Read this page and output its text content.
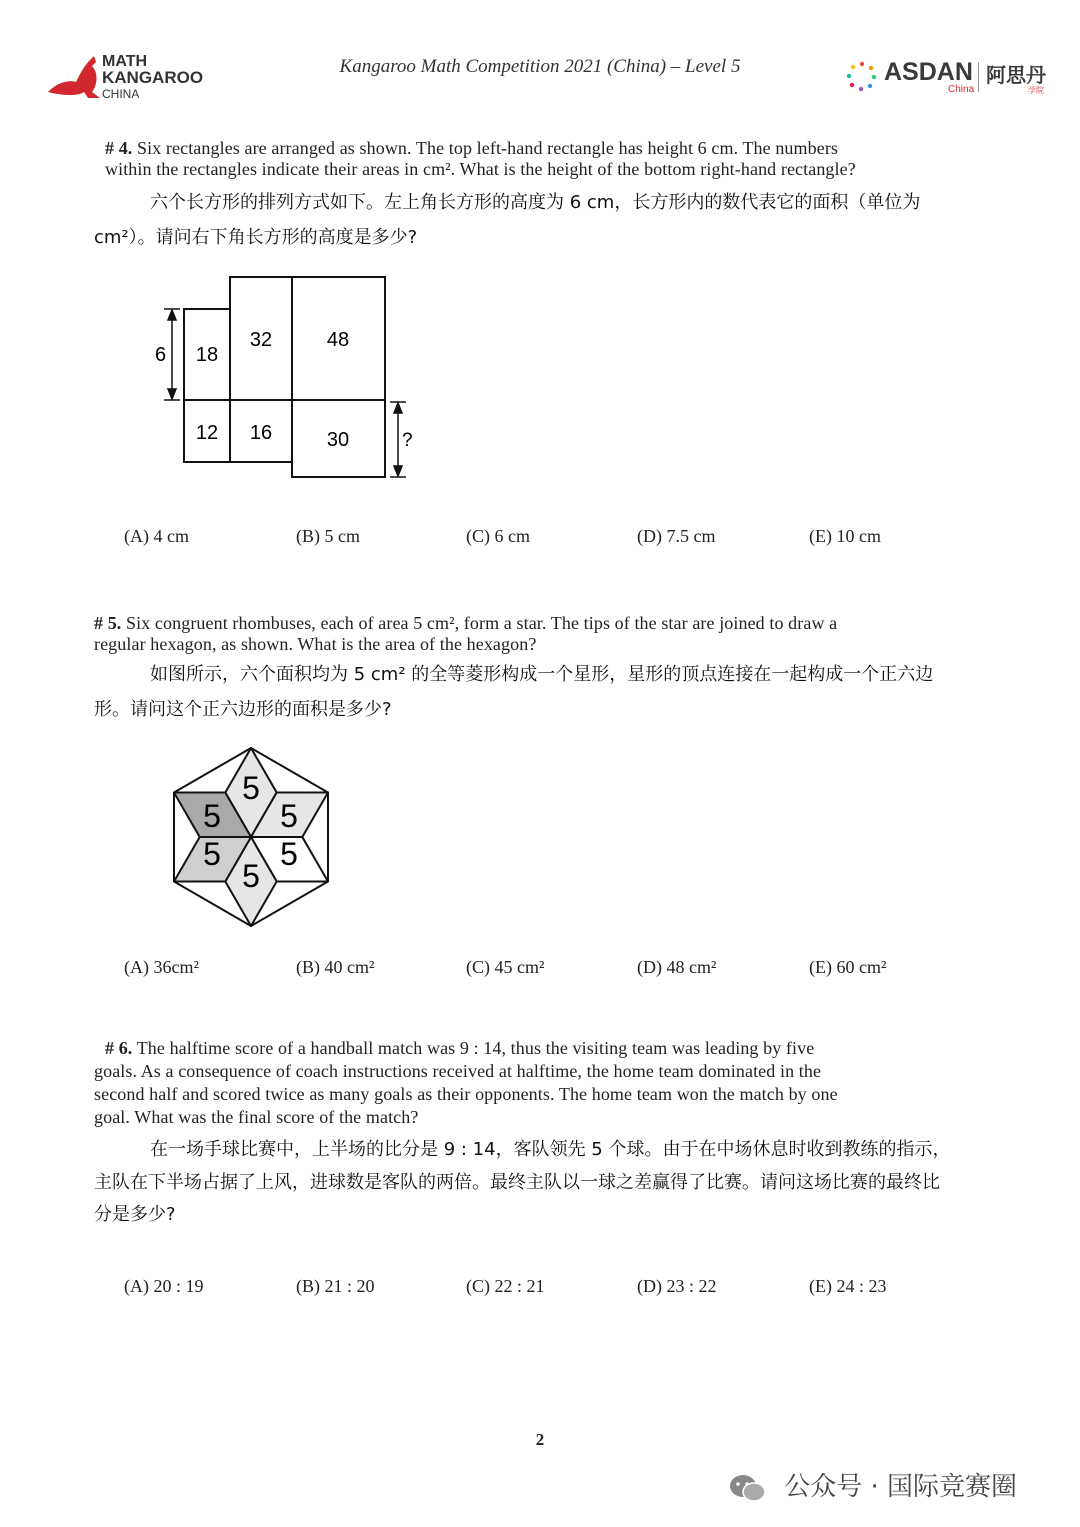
MATH
KANGAROO
CHINA
Kangaroo Math Competition 2021 (China) – Level 5	ASDAN 阿思丹
China	学院
# 4. Six rectangles are arranged as shown. The top left-hand rectangle has height 6 cm. The numbers
within the rectangles indicate their areas in cm². What is the height of the bottom right-hand rectangle?
六个长方形的排列方式如下。左上角长方形的高度为 6 cm，长方形内的数代表它的面积（单位为
cm²）。请问右下角长方形的高度是多少?
6
?
18
32	48
12 16	30
(A) 4 cm	(B) 5 cm	(C) 6 cm	(D) 7.5 cm	(E) 10 cm
# 5. Six congruent rhombuses, each of area 5 cm², form a star. The tips of the star are joined to draw a
regular hexagon, as shown. What is the area of the hexagon?
如图所示，六个面积均为 5 cm² 的全等菱形构成一个星形，星形的顶点连接在一起构成一个正六边
形。请问这个正六边形的面积是多少?
5
5 5
5 5
5
(A) 36cm²	(B) 40 cm²	(C) 45 cm²	(D) 48 cm²	(E) 60 cm²
# 6. The halftime score of a handball match was 9 : 14, thus the visiting team was leading by five
goals. As a consequence of coach instructions received at halftime, the home team dominated in the
second half and scored twice as many goals as their opponents. The home team won the match by one
goal. What was the final score of the match?
在一场手球比赛中，上半场的比分是 9 : 14，客队领先 5 个球。由于在中场休息时收到教练的指示，
主队在下半场占据了上风，进球数是客队的两倍。最终主队以一球之差赢得了比赛。请问这场比赛的最终比
分是多少?
(A) 20 : 19	(B) 21 : 20	(C) 22 : 21	(D) 23 : 22	(E) 24 : 23
2
公众号 · 国际竞赛圈
